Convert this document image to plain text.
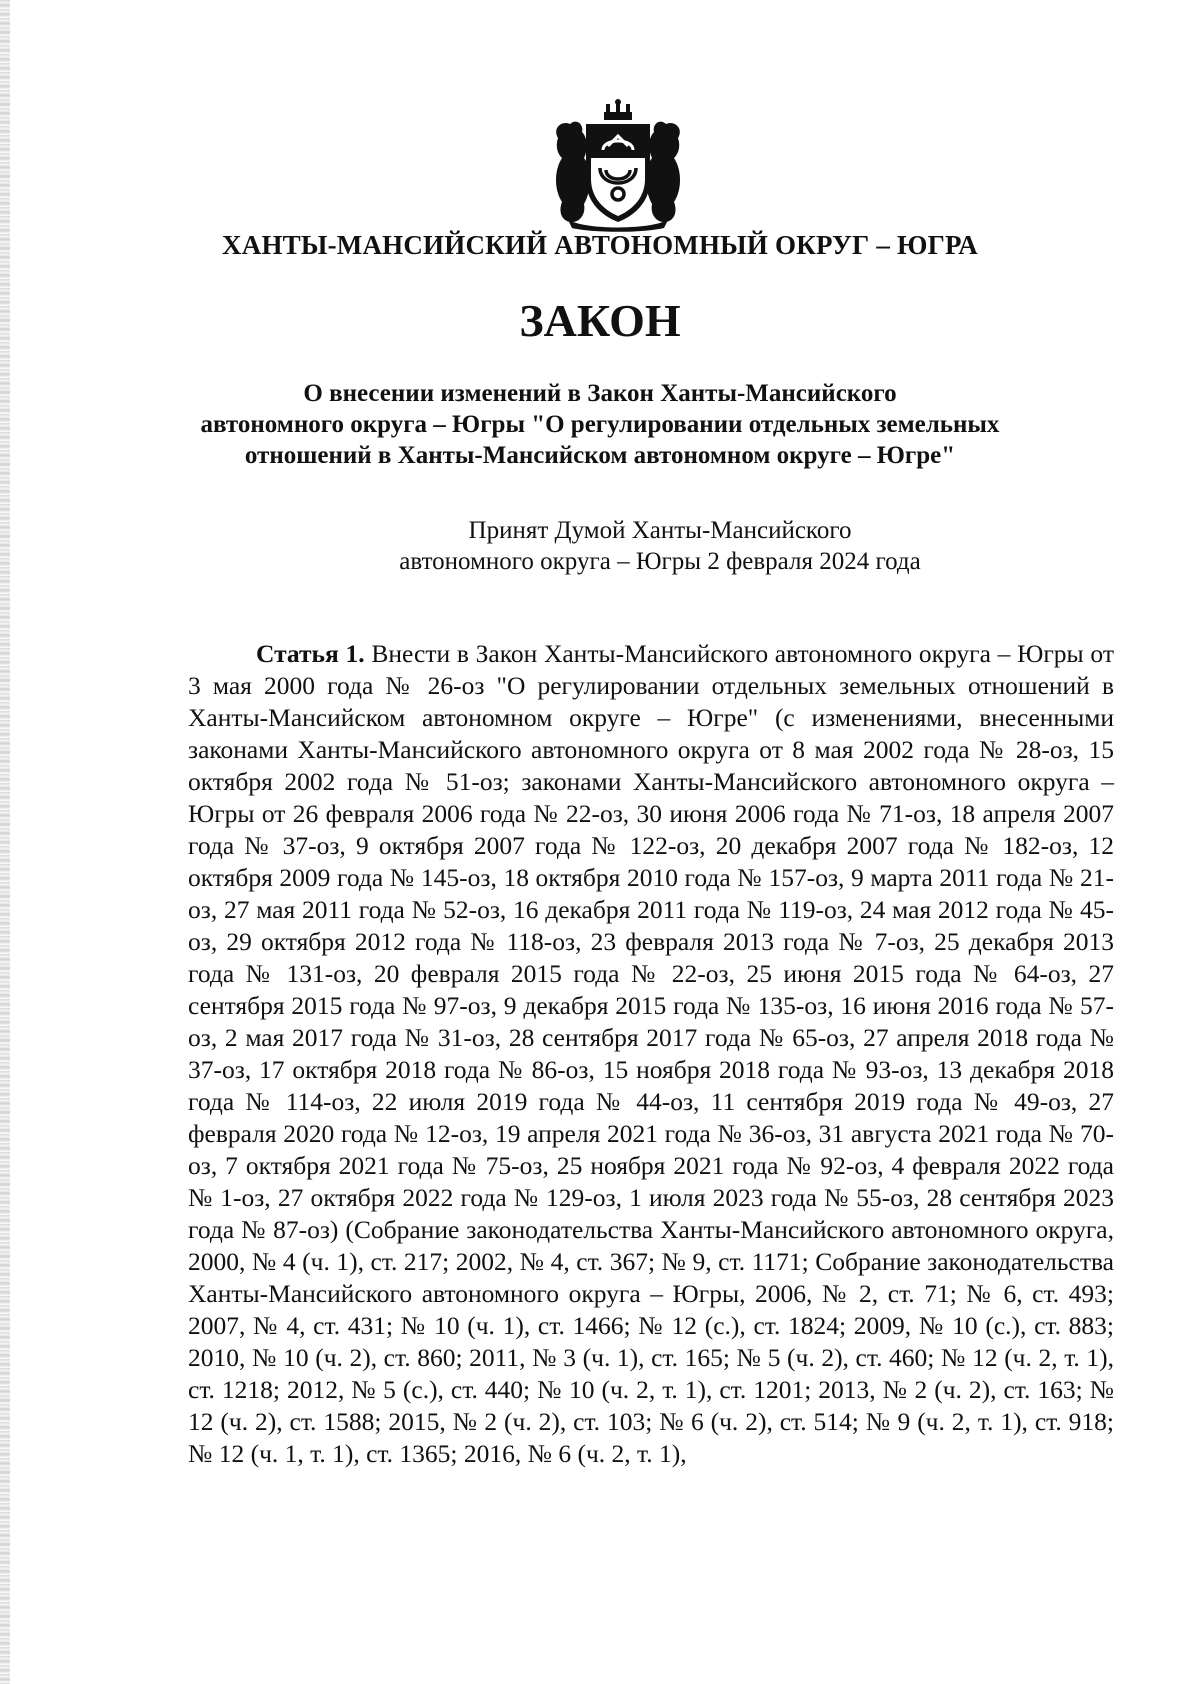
ХАНТЫ-МАНСИЙСКИЙ АВТОНОМНЫЙ ОКРУГ – ЮГРА
ЗАКОН
О внесении изменений в Закон Ханты-Мансийского
автономного округа – Югры "О регулировании отдельных земельных
отношений в Ханты-Мансийском автономном округе – Югре"
Принят Думой Ханты-Мансийского
автономного округа – Югры 2 февраля 2024 года

Статья 1. Внести в Закон Ханты-Мансийского автономного округа – Югры от 3 мая 2000 года № 26-оз "О регулировании отдельных земельных отношений в Ханты-Мансийском автономном округе – Югре" (с изменениями, внесенными законами Ханты-Мансийского автономного округа от 8 мая 2002 года № 28-оз, 15 октября 2002 года № 51-оз; законами Ханты-Мансийского автономного округа – Югры от 26 февраля 2006 года № 22-оз, 30 июня 2006 года № 71-оз, 18 апреля 2007 года № 37-оз, 9 октября 2007 года № 122-оз, 20 декабря 2007 года № 182-оз, 12 октября 2009 года № 145-оз, 18 октября 2010 года № 157-оз, 9 марта 2011 года № 21-оз, 27 мая 2011 года № 52-оз, 16 декабря 2011 года № 119-оз, 24 мая 2012 года № 45-оз, 29 октября 2012 года № 118-оз, 23 февраля 2013 года № 7-оз, 25 декабря 2013 года № 131-оз, 20 февраля 2015 года № 22-оз, 25 июня 2015 года № 64-оз, 27 сентября 2015 года № 97-оз, 9 декабря 2015 года № 135-оз, 16 июня 2016 года № 57-оз, 2 мая 2017 года № 31-оз, 28 сентября 2017 года № 65-оз, 27 апреля 2018 года № 37-оз, 17 октября 2018 года № 86-оз, 15 ноября 2018 года № 93-оз, 13 декабря 2018 года № 114-оз, 22 июля 2019 года № 44-оз, 11 сентября 2019 года № 49-оз, 27 февраля 2020 года № 12-оз, 19 апреля 2021 года № 36-оз, 31 августа 2021 года № 70-оз, 7 октября 2021 года № 75-оз, 25 ноября 2021 года № 92-оз, 4 февраля 2022 года № 1-оз, 27 октября 2022 года № 129-оз, 1 июля 2023 года № 55-оз, 28 сентября 2023 года № 87-оз) (Собрание законодательства Ханты-Мансийского автономного округа, 2000, № 4 (ч. 1), ст. 217; 2002, № 4, ст. 367; № 9, ст. 1171; Собрание законодательства Ханты-Мансийского автономного округа – Югры, 2006, № 2, ст. 71; № 6, ст. 493; 2007, № 4, ст. 431; № 10 (ч. 1), ст. 1466; № 12 (с.), ст. 1824; 2009, № 10 (с.), ст. 883; 2010, № 10 (ч. 2), ст. 860; 2011, № 3 (ч. 1), ст. 165; № 5 (ч. 2), ст. 460; № 12 (ч. 2, т. 1), ст. 1218; 2012, № 5 (с.), ст. 440; № 10 (ч. 2, т. 1), ст. 1201; 2013, № 2 (ч. 2), ст. 163; № 12 (ч. 2), ст. 1588; 2015, № 2 (ч. 2), ст. 103; № 6 (ч. 2), ст. 514; № 9 (ч. 2, т. 1), ст. 918; № 12 (ч. 1, т. 1), ст. 1365; 2016, № 6 (ч. 2, т. 1),
